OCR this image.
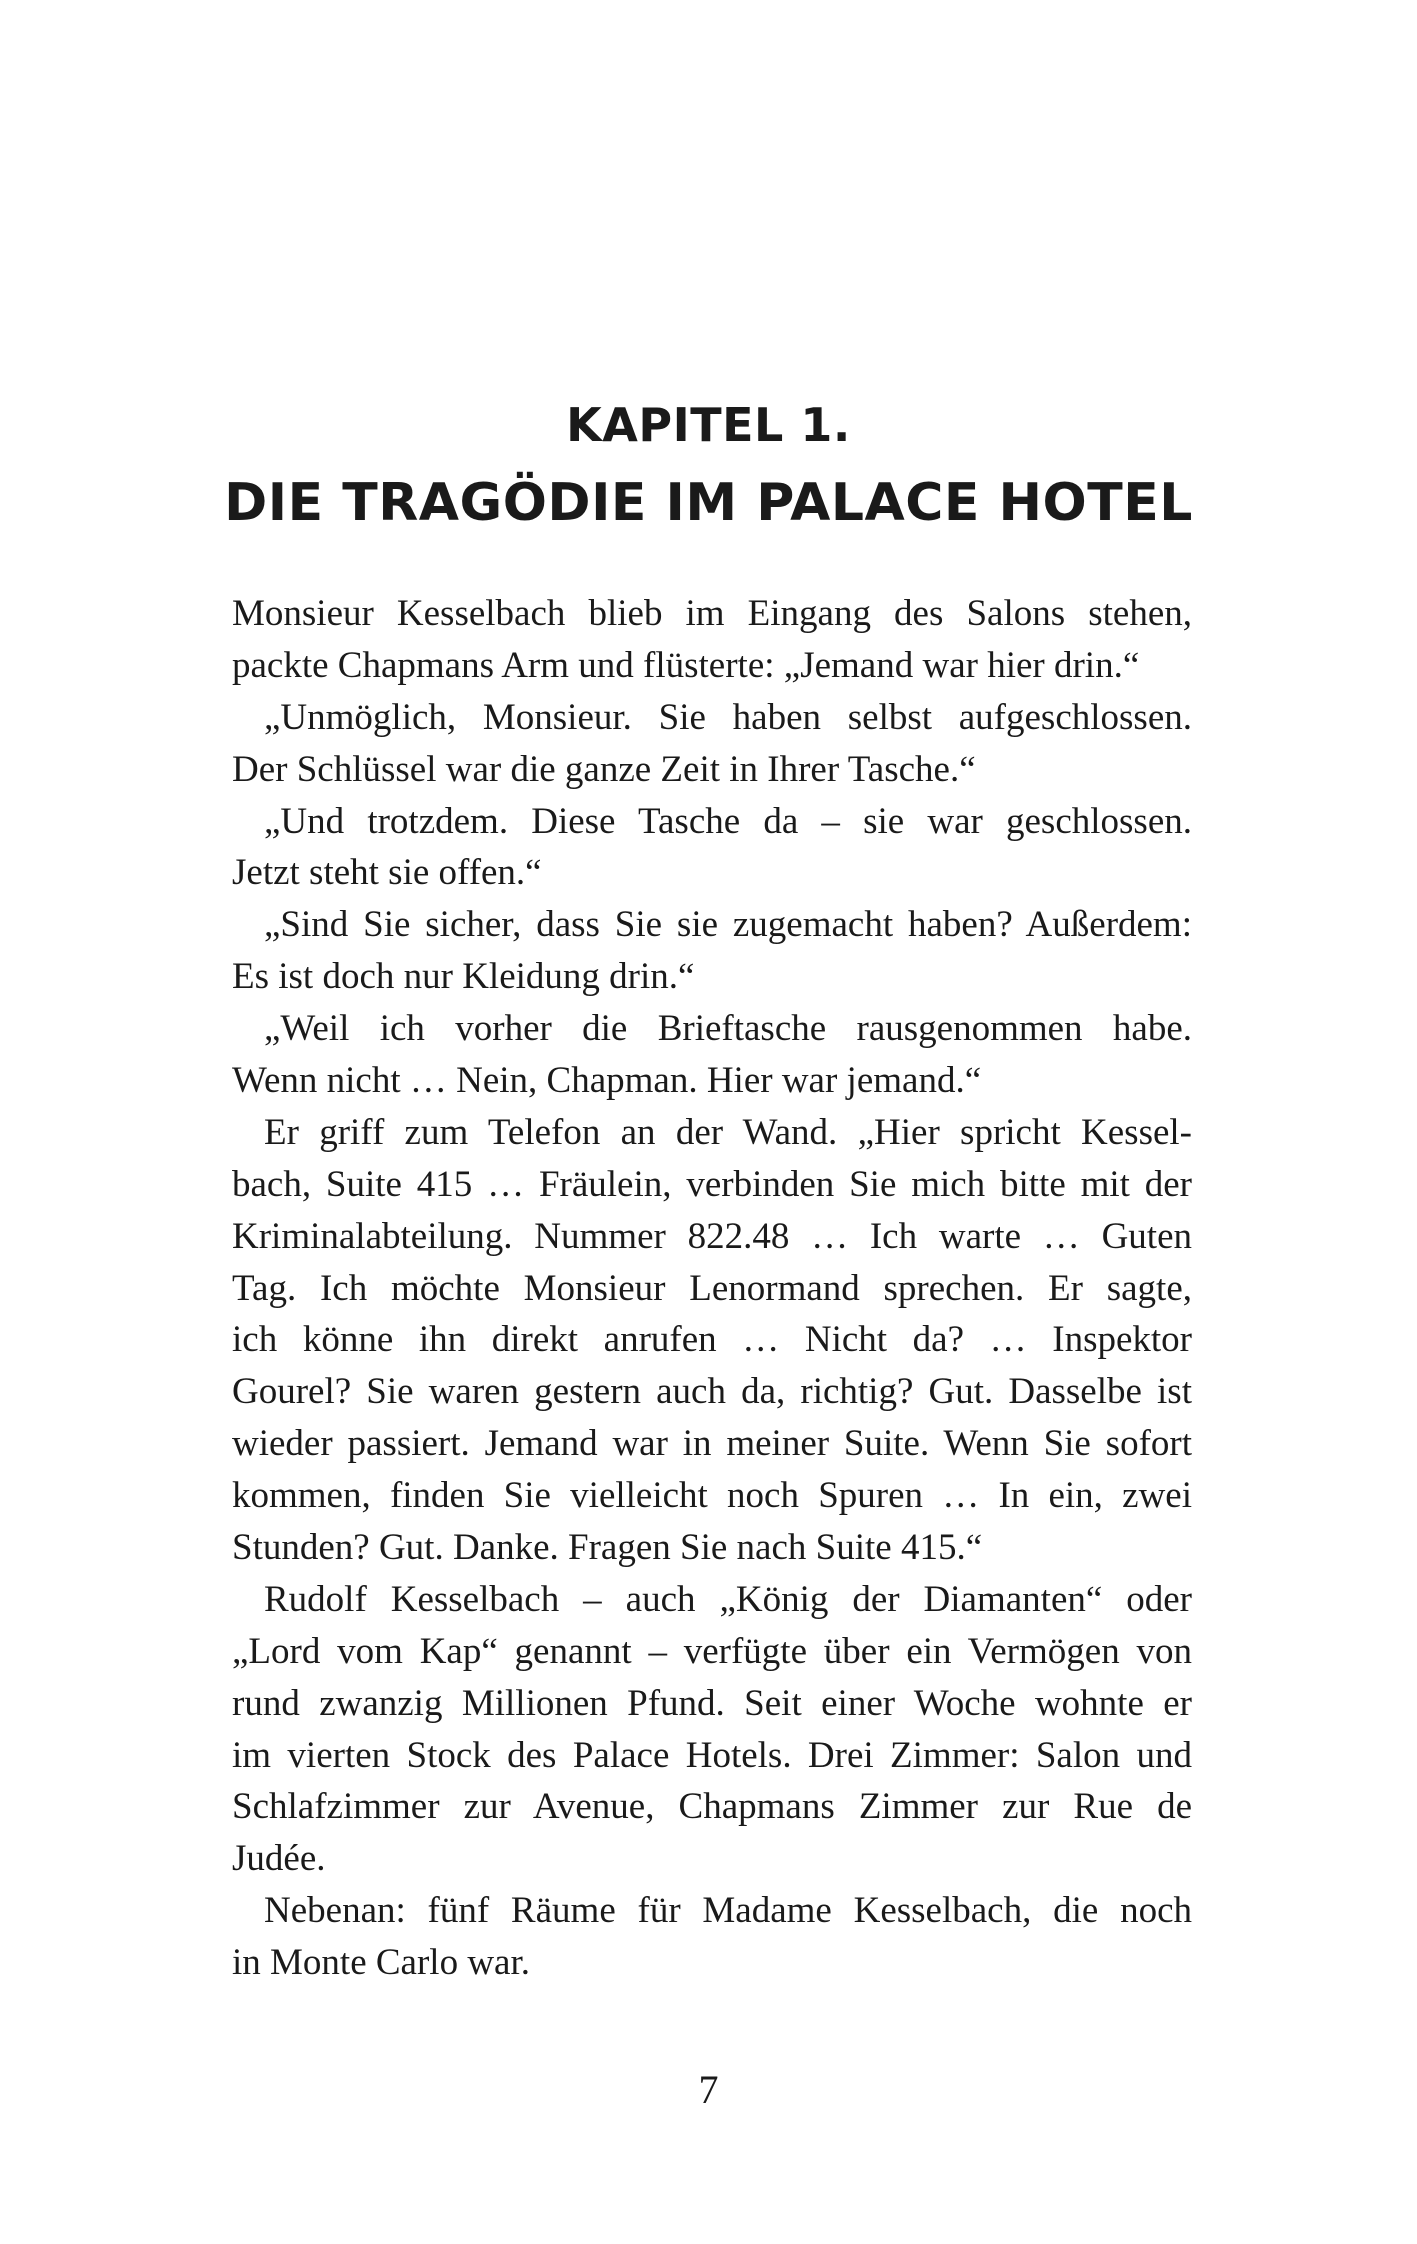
KAPITEL 1.
DIE TRAGÖDIE IM PALACE HOTEL
Monsieur Kesselbach blieb im Eingang des Salons stehen,
packte Chapmans Arm und flüsterte: „Jemand war hier drin.“
„Unmöglich, Monsieur. Sie haben selbst aufgeschlossen.
Der Schlüssel war die ganze Zeit in Ihrer Tasche.“
„Und trotzdem. Diese Tasche da – sie war geschlossen.
Jetzt steht sie offen.“
„Sind Sie sicher, dass Sie sie zugemacht haben? Außerdem:
Es ist doch nur Kleidung drin.“
„Weil ich vorher die Brieftasche rausgenommen habe.
Wenn nicht … Nein, Chapman. Hier war jemand.“
Er griff zum Telefon an der Wand. „Hier spricht Kessel-
bach, Suite 415 … Fräulein, verbinden Sie mich bitte mit der
Kriminalabteilung. Nummer 822.48 … Ich warte … Guten
Tag. Ich möchte Monsieur Lenormand sprechen. Er sagte,
ich könne ihn direkt anrufen … Nicht da? … Inspektor
Gourel? Sie waren gestern auch da, richtig? Gut. Dasselbe ist
wieder passiert. Jemand war in meiner Suite. Wenn Sie sofort
kommen, finden Sie vielleicht noch Spuren … In ein, zwei
Stunden? Gut. Danke. Fragen Sie nach Suite 415.“
Rudolf Kesselbach – auch „König der Diamanten“ oder
„Lord vom Kap“ genannt – verfügte über ein Vermögen von
rund zwanzig Millionen Pfund. Seit einer Woche wohnte er
im vierten Stock des Palace Hotels. Drei Zimmer: Salon und
Schlafzimmer zur Avenue, Chapmans Zimmer zur Rue de
Judée.
Nebenan: fünf Räume für Madame Kesselbach, die noch
in Monte Carlo war.
7
